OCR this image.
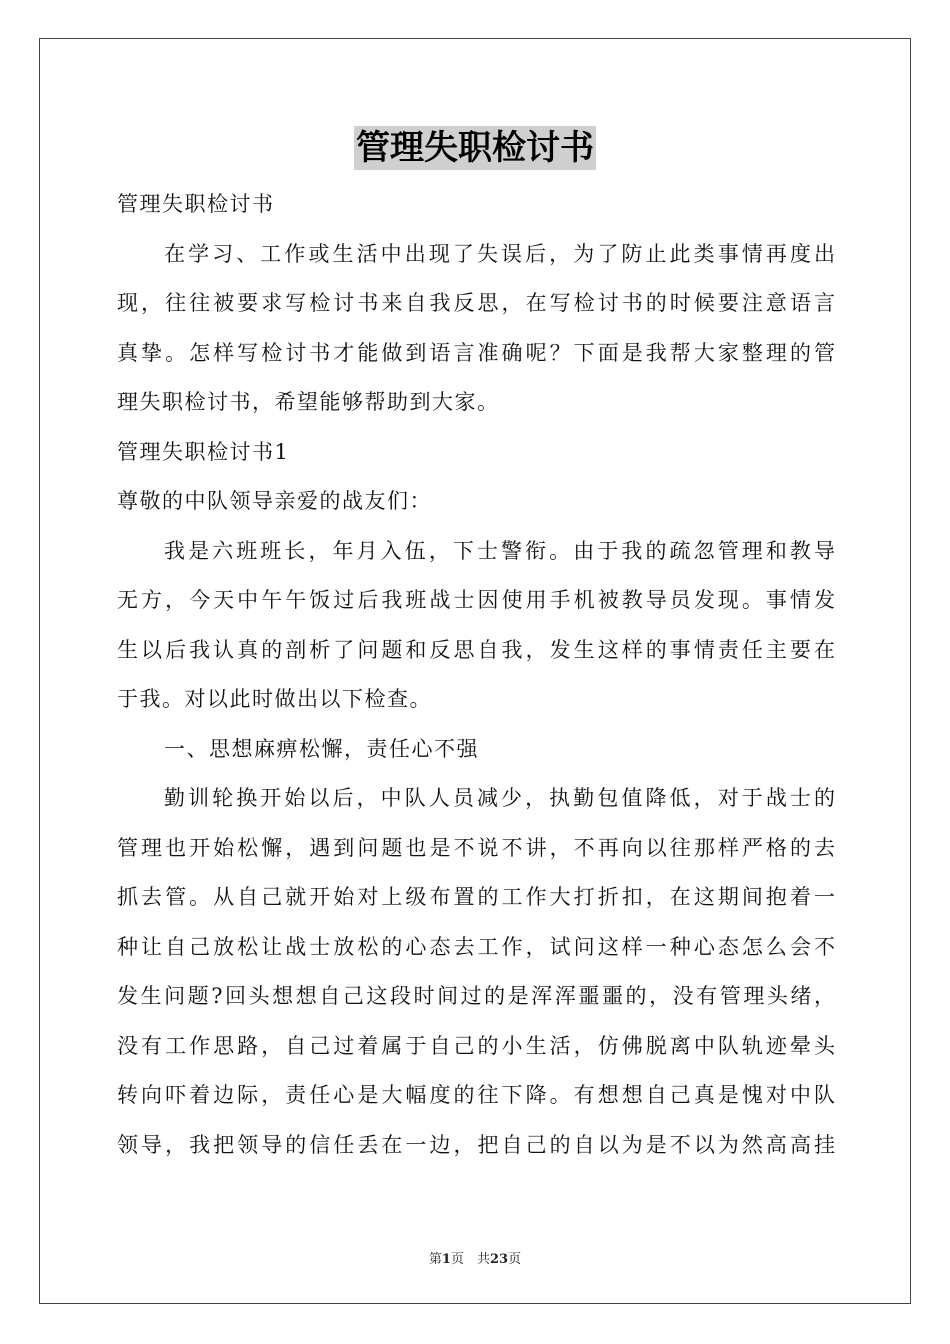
管理失职检讨书
管理失职检讨书
在学习、工作或生活中出现了失误后，为了防止此类事情再度出
现，往往被要求写检讨书来自我反思，在写检讨书的时候要注意语言
真挚。怎样写检讨书才能做到语言准确呢？下面是我帮大家整理的管
理失职检讨书，希望能够帮助到大家。
管理失职检讨书1
尊敬的中队领导亲爱的战友们：
我是六班班长，年月入伍，下士警衔。由于我的疏忽管理和教导
无方，今天中午午饭过后我班战士因使用手机被教导员发现。事情发
生以后我认真的剖析了问题和反思自我，发生这样的事情责任主要在
于我。对以此时做出以下检查。
一、思想麻痹松懈，责任心不强
勤训轮换开始以后，中队人员减少，执勤包值降低，对于战士的
管理也开始松懈，遇到问题也是不说不讲，不再向以往那样严格的去
抓去管。从自己就开始对上级布置的工作大打折扣，在这期间抱着一
种让自己放松让战士放松的心态去工作，试问这样一种心态怎么会不
发生问题?回头想想自己这段时间过的是浑浑噩噩的，没有管理头绪，
没有工作思路，自己过着属于自己的小生活，仿佛脱离中队轨迹晕头
转向吓着边际，责任心是大幅度的往下降。有想想自己真是愧对中队
领导，我把领导的信任丢在一边，把自己的自以为是不以为然高高挂
第1页　共23页
